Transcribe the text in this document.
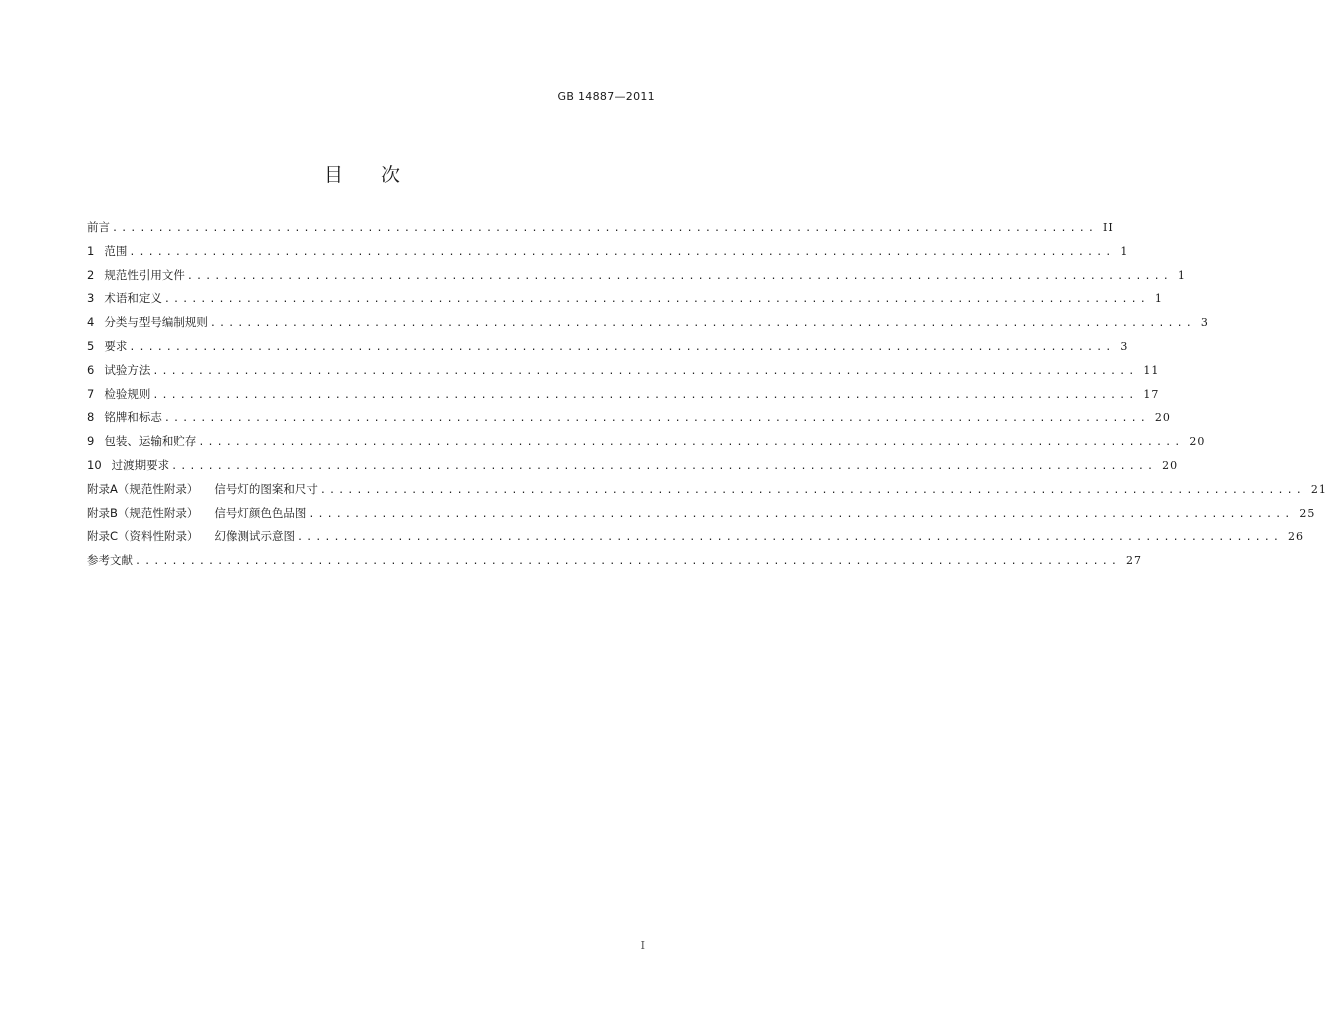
GB 14887—2011
目 次
前言 ............................................................................................................ II
1 范围 ............................................................................................................ 1
2 规范性引用文件 ............................................................................................................ 1
3 术语和定义 ............................................................................................................ 1
4 分类与型号编制规则 ............................................................................................................ 3
5 要求 ............................................................................................................ 3
6 试验方法 ............................................................................................................ 11
7 检验规则 ............................................................................................................ 17
8 铭牌和标志 ............................................................................................................ 20
9 包装、运输和贮存 ............................................................................................................ 20
10 过渡期要求 ............................................................................................................ 20
附录A（规范性附录） 信号灯的图案和尺寸 ............................................................................................................ 21
附录B（规范性附录） 信号灯颜色色品图 ............................................................................................................ 25
附录C（资料性附录） 幻像测试示意图 ............................................................................................................ 26
参考文献 ............................................................................................................ 27
I
